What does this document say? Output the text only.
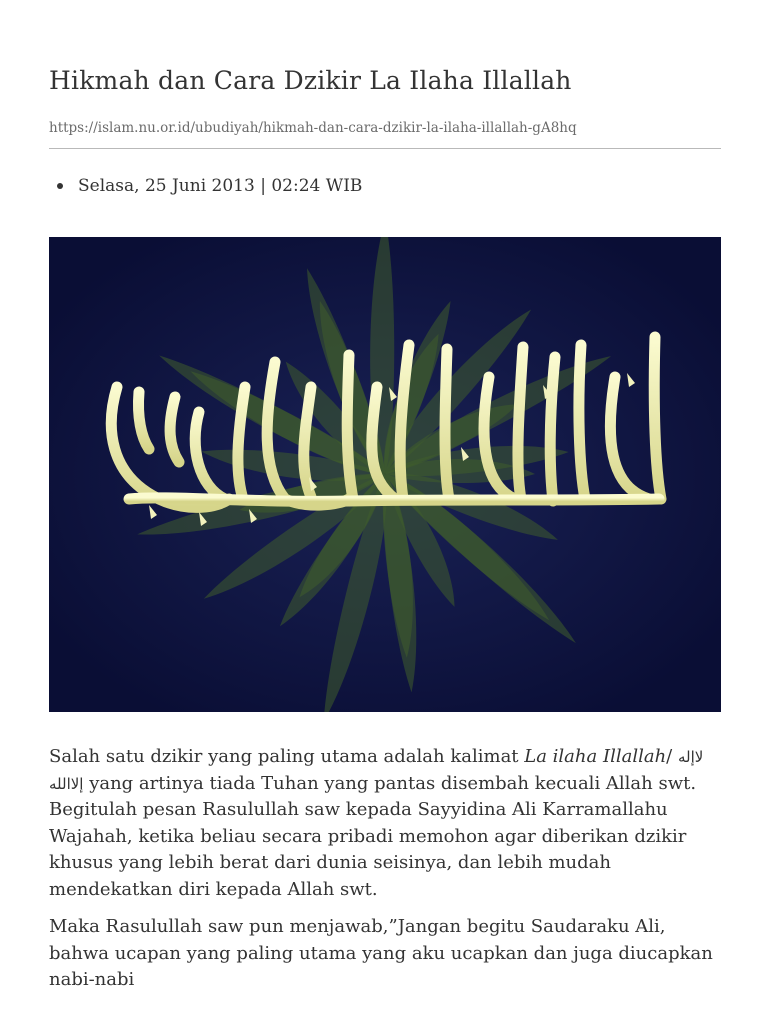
Hikmah dan Cara Dzikir La Ilaha Illallah
https://islam.nu.or.id/ubudiyah/hikmah-dan-cara-dzikir-la-ilaha-illallah-gA8hq
Selasa, 25 Juni 2013 | 02:24 WIB

Salah satu dzikir yang paling utama adalah kalimat La ilaha Illallah/ لاإله إلاالله yang artinya tiada Tuhan yang pantas disembah kecuali Allah swt. Begitulah pesan Rasulullah saw kepada Sayyidina Ali Karramallahu Wajahah, ketika beliau secara pribadi memohon agar diberikan dzikir khusus yang lebih berat dari dunia seisinya, dan lebih mudah mendekatkan diri kepada Allah swt.

Maka Rasulullah saw pun menjawab,”Jangan begitu Saudaraku Ali, bahwa ucapan yang paling utama yang aku ucapkan dan juga diucapkan nabi-nabi
